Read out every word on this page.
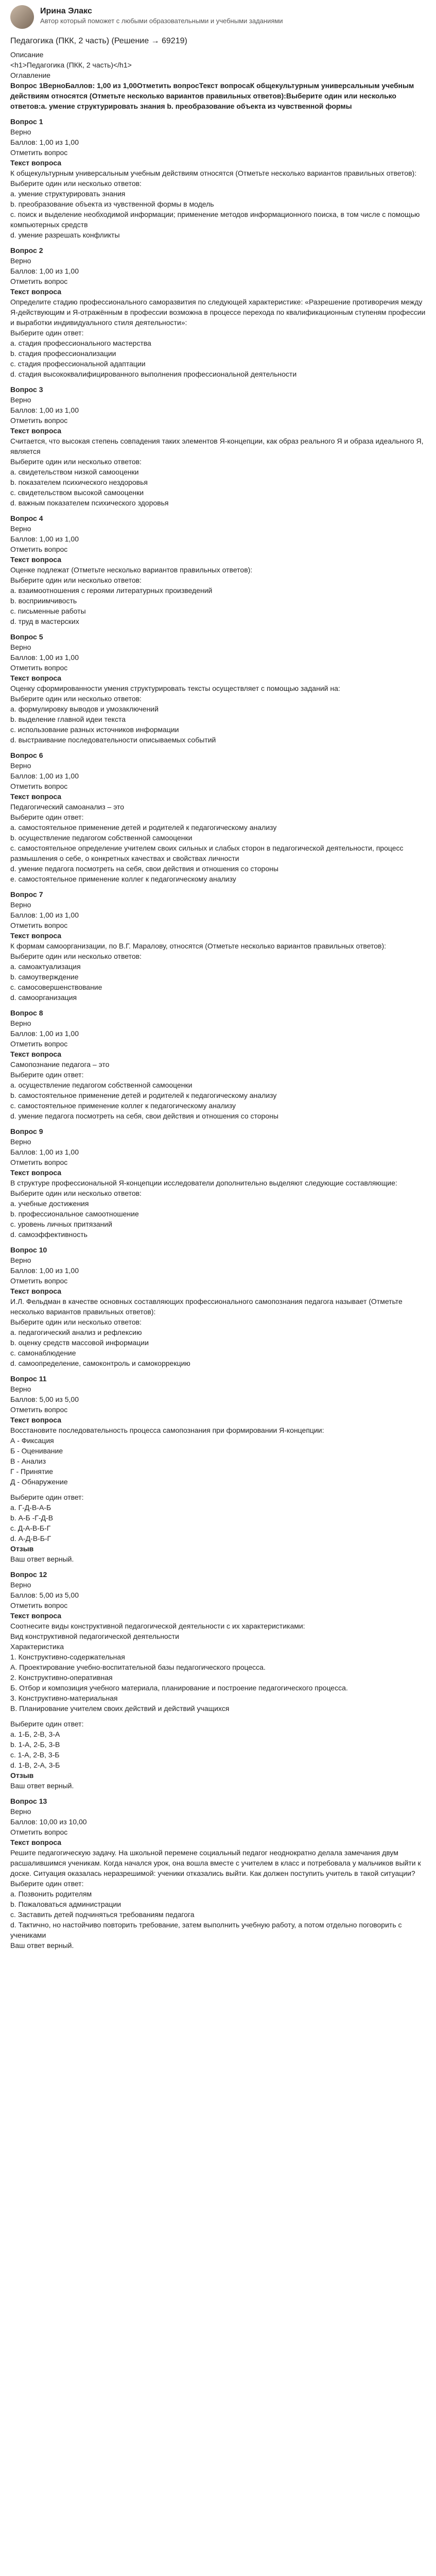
Ирина Элакс
Автор который поможет с любыми образовательными и учебными заданиями
Педагогика (ПКК, 2 часть) (Решение → 69219)
Описание
<h1>Педагогика (ПКК, 2 часть)</h1>
Оглавление
Вопрос 1ВерноБаллов: 1,00 из 1,00Отметить вопросТекст вопросаК общекультурным универсальным учебным действиям относятся (Отметьте несколько вариантов правильных ответов):Выберите один или несколько ответов:a. умение структурировать знания b. преобразование объекта из чувственной формы
Вопрос 1
Верно
Баллов: 1,00 из 1,00
Отметить вопрос
Текст вопроса
К общекультурным универсальным учебным действиям относятся (Отметьте несколько вариантов правильных ответов):
Выберите один или несколько ответов:
a. умение структурировать знания
b. преобразование объекта из чувственной формы в модель
c. поиск и выделение необходимой информации; применение методов информационного поиска, в том числе с помощью компьютерных средств
d. умение разрешать конфликты
Вопрос 2
Верно
Баллов: 1,00 из 1,00
Отметить вопрос
Текст вопроса
Определите стадию профессионального саморазвития по следующей характеристике: «Разрешение противоречия между Я-действующим и Я-отражённым в профессии возможна в процессе перехода по квалификационным ступеням профессии и выработки индивидуального стиля деятельности»:
Выберите один ответ:
a. стадия профессионального мастерства
b. стадия профессионализации
c. стадия профессиональной адаптации
d. стадия высококвалифицированного выполнения профессиональной деятельности
Вопрос 3
Верно
Баллов: 1,00 из 1,00
Отметить вопрос
Текст вопроса
Считается, что высокая степень совпадения таких элементов Я-концепции, как образ реального Я и образа идеального Я, является
Выберите один или несколько ответов:
a. свидетельством низкой самооценки
b. показателем психического нездоровья
c. свидетельством высокой самооценки
d. важным показателем психического здоровья
Вопрос 4
Верно
Баллов: 1,00 из 1,00
Отметить вопрос
Текст вопроса
Оценке подлежат (Отметьте несколько вариантов правильных ответов):
Выберите один или несколько ответов:
a. взаимоотношения с героями литературных произведений
b. восприимчивость
c. письменные работы
d. труд в мастерских
Вопрос 5
Верно
Баллов: 1,00 из 1,00
Отметить вопрос
Текст вопроса
Оценку сформированности умения структурировать тексты осуществляет с помощью заданий на:
Выберите один или несколько ответов:
a. формулировку выводов и умозаключений
b. выделение главной идеи текста
c. использование разных источников информации
d. выстраивание последовательности описываемых событий
Вопрос 6
Верно
Баллов: 1,00 из 1,00
Отметить вопрос
Текст вопроса
Педагогический самоанализ – это
Выберите один ответ:
a. самостоятельное применение детей и родителей к педагогическому анализу
b. осуществление педагогом собственной самооценки
c. самостоятельное определение учителем своих сильных и слабых сторон в педагогической деятельности, процесс размышления о себе, о конкретных качествах и свойствах личности
d. умение педагога посмотреть на себя, свои действия и отношения со стороны
e. самостоятельное применение коллег к педагогическому анализу
Вопрос 7
Верно
Баллов: 1,00 из 1,00
Отметить вопрос
Текст вопроса
К формам самоорганизации, по В.Г. Маралову, относятся (Отметьте несколько вариантов правильных ответов):
Выберите один или несколько ответов:
a. самоактуализация
b. самоутверждение
c. самосовершенствование
d. самоорганизация
Вопрос 8
Верно
Баллов: 1,00 из 1,00
Отметить вопрос
Текст вопроса
Самопознание педагога – это
Выберите один ответ:
a. осуществление педагогом собственной самооценки
b. самостоятельное применение детей и родителей к педагогическому анализу
c. самостоятельное применение коллег к педагогическому анализу
d. умение педагога посмотреть на себя, свои действия и отношения со стороны
Вопрос 9
Верно
Баллов: 1,00 из 1,00
Отметить вопрос
Текст вопроса
В структуре профессиональной Я-концепции исследователи дополнительно выделяют следующие составляющие:
Выберите один или несколько ответов:
a. учебные достижения
b. профессиональное самоотношение
c. уровень личных притязаний
d. самоэффективность
Вопрос 10
Верно
Баллов: 1,00 из 1,00
Отметить вопрос
Текст вопроса
И.Л. Фельдман в качестве основных составляющих профессионального самопознания педагога называет (Отметьте несколько вариантов правильных ответов):
Выберите один или несколько ответов:
a. педагогический анализ и рефлексию
b. оценку средств массовой информации
c. самонаблюдение
d. самоопределение, самоконтроль и самокоррекцию
Вопрос 11
Верно
Баллов: 5,00 из 5,00
Отметить вопрос
Текст вопроса
Восстановите последовательность процесса самопознания при формировании Я-концепции:
А - Фиксация
Б - Оценивание
В - Анализ
Г - Принятие
Д - Обнаружение
Выберите один ответ:
a. Г-Д-В-А-Б
b. А-Б -Г-Д-В
c. Д-А-В-Б-Г
d. А-Д-В-Б-Г
Отзыв
Ваш ответ верный.
Вопрос 12
Верно
Баллов: 5,00 из 5,00
Отметить вопрос
Текст вопроса
Соотнесите виды конструктивной педагогической деятельности с их характеристиками:
Вид конструктивной педагогической деятельности
Характеристика
1. Конструктивно-содержательная
А. Проектирование учебно-воспитательной базы педагогического процесса.
2. Конструктивно-оперативная
Б. Отбор и композиция учебного материала, планирование и построение педагогического процесса.
3. Конструктивно-материальная
В. Планирование учителем своих действий и действий учащихся
Выберите один ответ:
a. 1-Б, 2-В, 3-А
b. 1-А, 2-Б, 3-В
c. 1-А, 2-В, 3-Б
d. 1-В, 2-А, 3-Б
Отзыв
Ваш ответ верный.
Вопрос 13
Верно
Баллов: 10,00 из 10,00
Отметить вопрос
Текст вопроса
Решите педагогическую задачу. На школьной перемене социальный педагог неоднократно делала замечания двум расшалившимся ученикам. Когда начался урок, она вошла вместе с учителем в класс и потребовала у мальчиков выйти к доске. Ситуация оказалась неразрешимой: ученики отказались выйти. Как должен поступить учитель в такой ситуации?
Выберите один ответ:
a. Позвонить родителям
b. Пожаловаться администрации
c. Заставить детей подчиняться требованиям педагога
d. Тактично, но настойчиво повторить требование, затем выполнить учебную работу, а потом отдельно поговорить с учениками
Ваш ответ верный.
